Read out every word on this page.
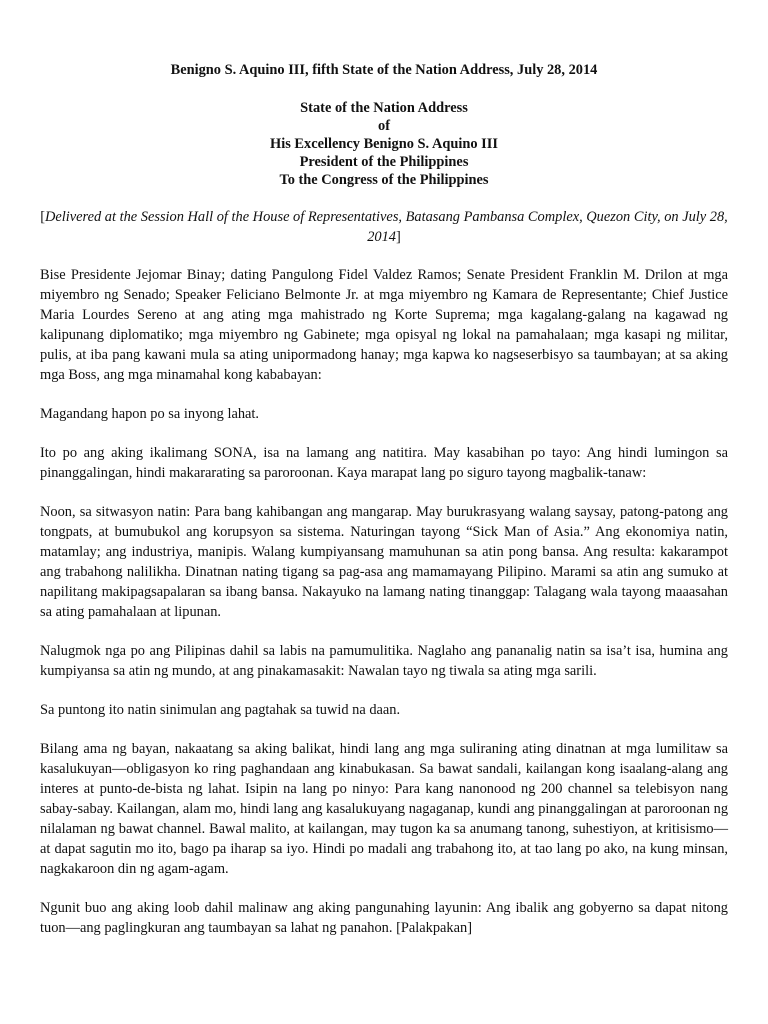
Benigno S. Aquino III, fifth State of the Nation Address, July 28, 2014

State of the Nation Address
of
His Excellency Benigno S. Aquino III
President of the Philippines
To the Congress of the Philippines

[Delivered at the Session Hall of the House of Representatives, Batasang Pambansa Complex, Quezon City, on July 28, 2014]

Bise Presidente Jejomar Binay; dating Pangulong Fidel Valdez Ramos; Senate President Franklin M. Drilon at mga miyembro ng Senado; Speaker Feliciano Belmonte Jr. at mga miyembro ng Kamara de Representante; Chief Justice Maria Lourdes Sereno at ang ating mga mahistrado ng Korte Suprema; mga kagalang-galang na kagawad ng kalipunang diplomatiko; mga miyembro ng Gabinete; mga opisyal ng lokal na pamahalaan; mga kasapi ng militar, pulis, at iba pang kawani mula sa ating unipormadong hanay; mga kapwa ko nagseserbisyo sa taumbayan; at sa aking mga Boss, ang mga minamahal kong kababayan:

Magandang hapon po sa inyong lahat.

Ito po ang aking ikalimang SONA, isa na lamang ang natitira. May kasabihan po tayo: Ang hindi lumingon sa pinanggalingan, hindi makararating sa paroroonan. Kaya marapat lang po siguro tayong magbalik-tanaw:

Noon, sa sitwasyon natin: Para bang kahibangan ang mangarap. May burukrasyang walang saysay, patong-patong ang tongpats, at bumubukol ang korupsyon sa sistema. Naturingan tayong “Sick Man of Asia.” Ang ekonomiya natin, matamlay; ang industriya, manipis. Walang kumpiyansang mamuhunan sa atin pong bansa. Ang resulta: kakarampot ang trabahong nalilikha. Dinatnan nating tigang sa pag-asa ang mamamayang Pilipino. Marami sa atin ang sumuko at napilitang makipagsapalaran sa ibang bansa. Nakayuko na lamang nating tinanggap: Talagang wala tayong maaasahan sa ating pamahalaan at lipunan.

Nalugmok nga po ang Pilipinas dahil sa labis na pamumulitika. Naglaho ang pananalig natin sa isa’t isa, humina ang kumpiyansa sa atin ng mundo, at ang pinakamasakit: Nawalan tayo ng tiwala sa ating mga sarili.

Sa puntong ito natin sinimulan ang pagtahak sa tuwid na daan.

Bilang ama ng bayan, nakaatang sa aking balikat, hindi lang ang mga suliraning ating dinatnan at mga lumilitaw sa kasalukuyan—obligasyon ko ring paghandaan ang kinabukasan. Sa bawat sandali, kailangan kong isaalang-alang ang interes at punto-de-bista ng lahat. Isipin na lang po ninyo: Para kang nanonood ng 200 channel sa telebisyon nang sabay-sabay. Kailangan, alam mo, hindi lang ang kasalukuyang nagaganap, kundi ang pinanggalingan at paroroonan ng nilalaman ng bawat channel. Bawal malito, at kailangan, may tugon ka sa anumang tanong, suhestiyon, at kritisismo—at dapat sagutin mo ito, bago pa iharap sa iyo. Hindi po madali ang trabahong ito, at tao lang po ako, na kung minsan, nagkakaroon din ng agam-agam.

Ngunit buo ang aking loob dahil malinaw ang aking pangunahing layunin: Ang ibalik ang gobyerno sa dapat nitong tuon—ang paglingkuran ang taumbayan sa lahat ng panahon. [Palakpakan]
